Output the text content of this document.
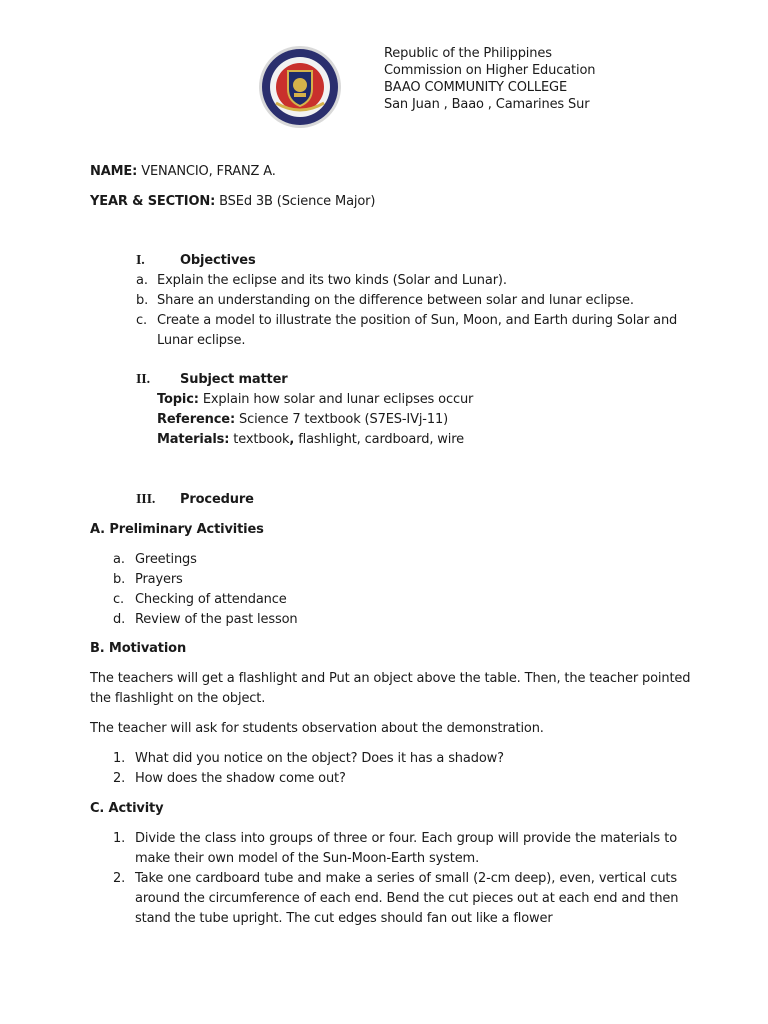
Republic of the Philippines
Commission on Higher Education
BAAO COMMUNITY COLLEGE
San Juan , Baao , Camarines Sur
NAME: VENANCIO, FRANZ A.
YEAR & SECTION: BSEd 3B (Science Major)
I.	Objectives
a. Explain the eclipse and its two kinds (Solar and Lunar).
b. Share an understanding on the difference between solar and lunar eclipse.
c. Create a model to illustrate the position of Sun, Moon, and Earth during Solar and
Lunar eclipse.
II. Subject matter
Topic: Explain how solar and lunar eclipses occur
Reference: Science 7 textbook (S7ES-IVj-11)
Materials: textbook, flashlight, cardboard, wire
III. Procedure
A. Preliminary Activities
a. Greetings
b. Prayers
c. Checking of attendance
d. Review of the past lesson
B. Motivation
The teachers will get a flashlight and Put an object above the table. Then, the teacher pointed
the flashlight on the object.
The teacher will ask for students observation about the demonstration.
1. What did you notice on the object? Does it has a shadow?
2. How does the shadow come out?
C. Activity
1. Divide the class into groups of three or four. Each group will provide the materials to
make their own model of the Sun-Moon-Earth system.
2. Take one cardboard tube and make a series of small (2-cm deep), even, vertical cuts
around the circumference of each end. Bend the cut pieces out at each end and then
stand the tube upright. The cut edges should fan out like a flower
